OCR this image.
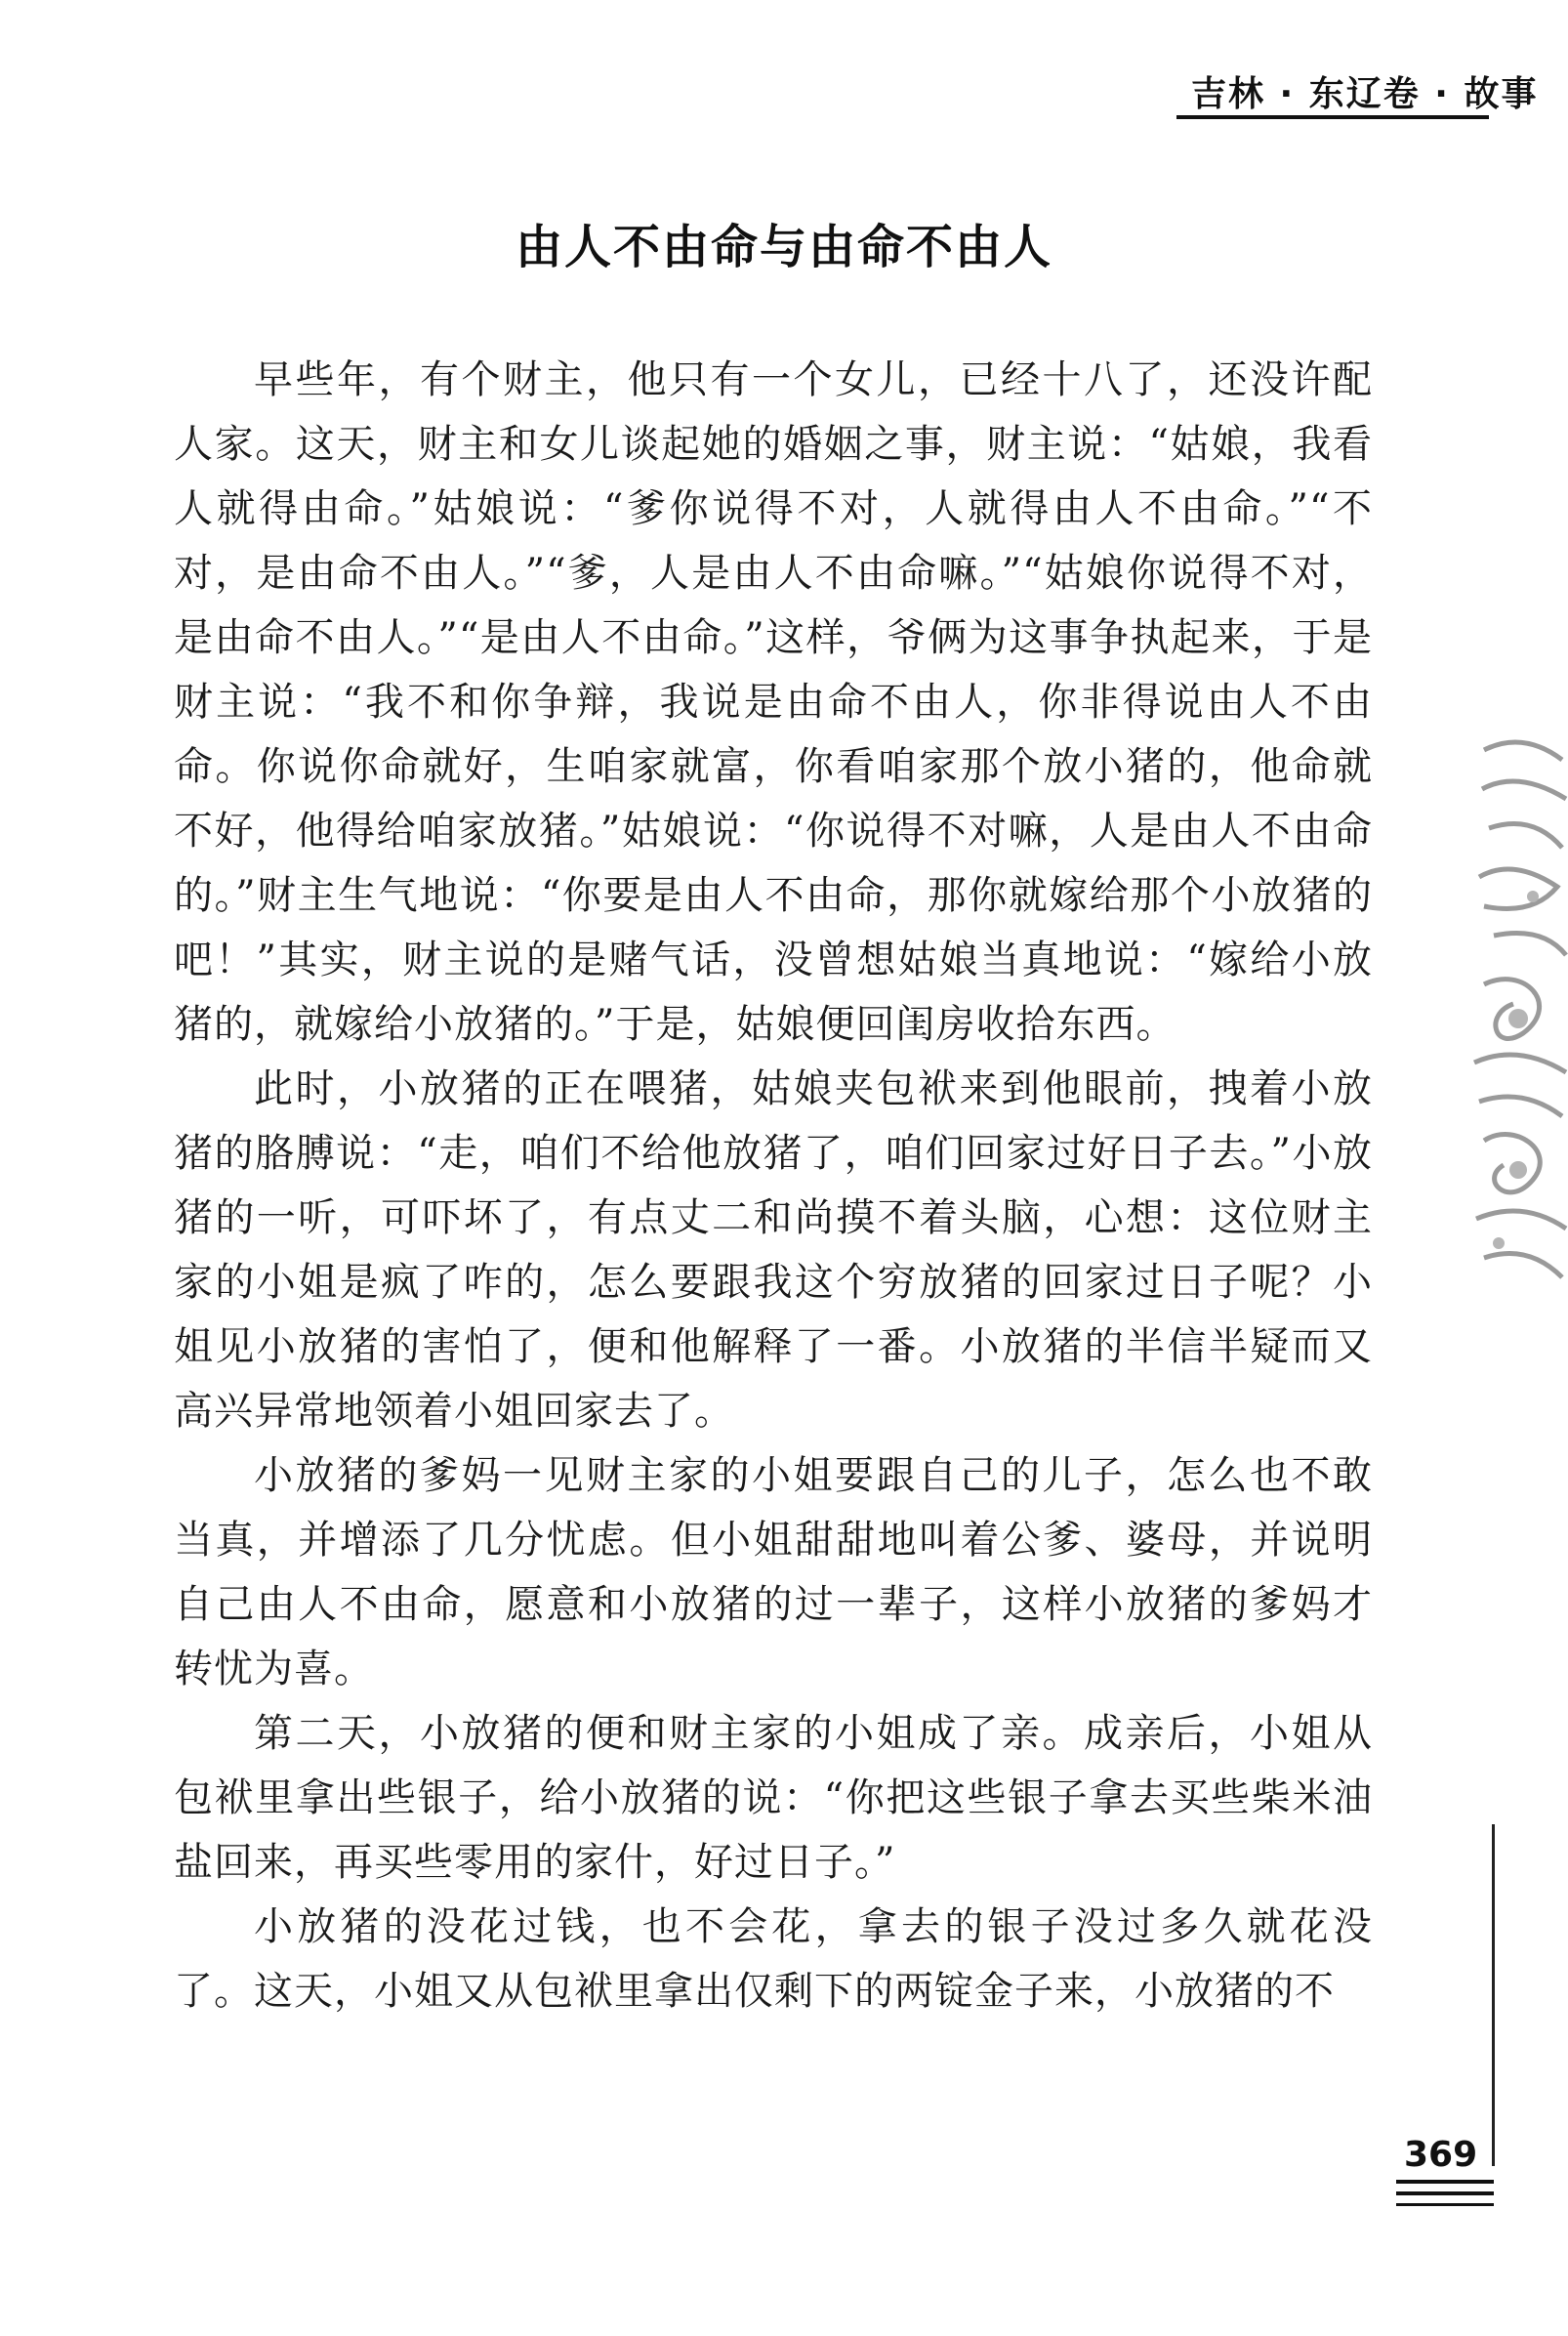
吉林 · 东辽卷 · 故事
由人不由命与由命不由人

早些年，有个财主，他只有一个女儿，已经十八了，还没许配人家。这天，财主和女儿谈起她的婚姻之事，财主说：“姑娘，我看人就得由命。”姑娘说：“爹你说得不对，人就得由人不由命。”“不对，是由命不由人。”“爹，人是由人不由命嘛。”“姑娘你说得不对，是由命不由人。”“是由人不由命。”这样，爷俩为这事争执起来，于是财主说：“我不和你争辩，我说是由命不由人，你非得说由人不由命。你说你命就好，生咱家就富，你看咱家那个放小猪的，他命就不好，他得给咱家放猪。”姑娘说：“你说得不对嘛，人是由人不由命的。”财主生气地说：“你要是由人不由命，那你就嫁给那个小放猪的吧！”其实，财主说的是赌气话，没曾想姑娘当真地说：“嫁给小放猪的，就嫁给小放猪的。”于是，姑娘便回闺房收拾东西。

此时，小放猪的正在喂猪，姑娘夹包袱来到他眼前，拽着小放猪的胳膊说：“走，咱们不给他放猪了，咱们回家过好日子去。”小放猪的一听，可吓坏了，有点丈二和尚摸不着头脑，心想：这位财主家的小姐是疯了咋的，怎么要跟我这个穷放猪的回家过日子呢？小姐见小放猪的害怕了，便和他解释了一番。小放猪的半信半疑而又高兴异常地领着小姐回家去了。

小放猪的爹妈一见财主家的小姐要跟自己的儿子，怎么也不敢当真，并增添了几分忧虑。但小姐甜甜地叫着公爹、婆母，并说明自己由人不由命，愿意和小放猪的过一辈子，这样小放猪的爹妈才转忧为喜。

第二天，小放猪的便和财主家的小姐成了亲。成亲后，小姐从包袱里拿出些银子，给小放猪的说：“你把这些银子拿去买些柴米油盐回来，再买些零用的家什，好过日子。”

小放猪的没花过钱，也不会花，拿去的银子没过多久就花没了。这天，小姐又从包袱里拿出仅剩下的两锭金子来，小放猪的不

369
